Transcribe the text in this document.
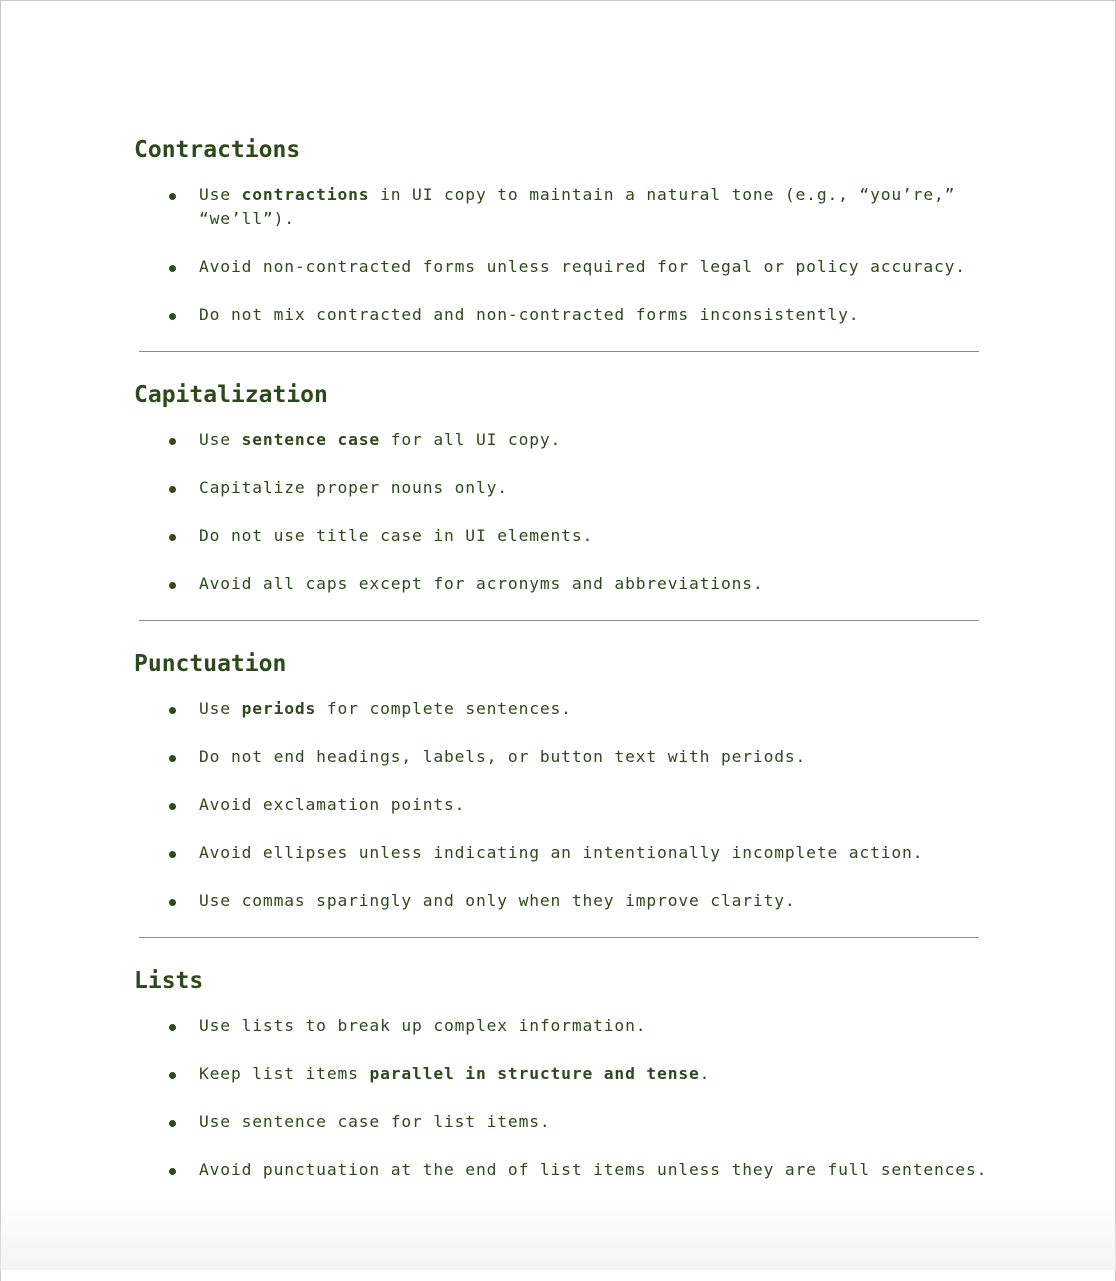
Contractions
Use contractions in UI copy to maintain a natural tone (e.g., “you’re,” “we’ll”).
Avoid non-contracted forms unless required for legal or policy accuracy.
Do not mix contracted and non-contracted forms inconsistently.
Capitalization
Use sentence case for all UI copy.
Capitalize proper nouns only.
Do not use title case in UI elements.
Avoid all caps except for acronyms and abbreviations.
Punctuation
Use periods for complete sentences.
Do not end headings, labels, or button text with periods.
Avoid exclamation points.
Avoid ellipses unless indicating an intentionally incomplete action.
Use commas sparingly and only when they improve clarity.
Lists
Use lists to break up complex information.
Keep list items parallel in structure and tense.
Use sentence case for list items.
Avoid punctuation at the end of list items unless they are full sentences.
